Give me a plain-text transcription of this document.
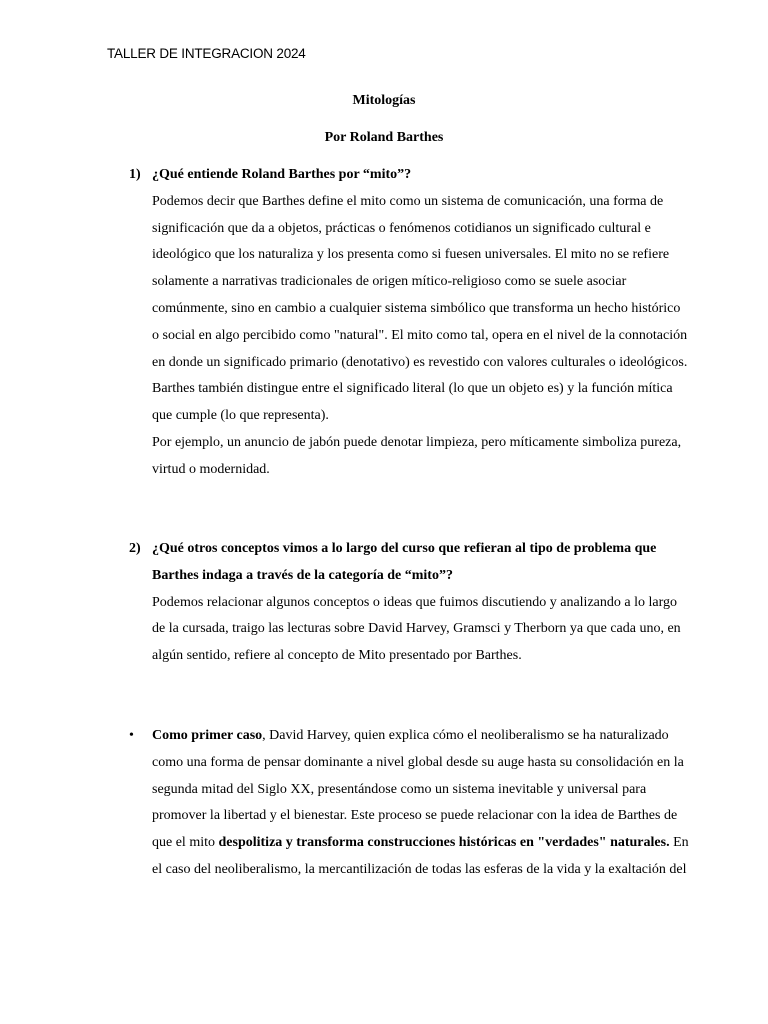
TALLER DE INTEGRACION 2024
Mitologías
Por Roland Barthes
1) ¿Qué entiende Roland Barthes por “mito”?

Podemos decir que Barthes define el mito como un sistema de comunicación, una forma de significación que da a objetos, prácticas o fenómenos cotidianos un significado cultural e ideológico que los naturaliza y los presenta como si fuesen universales. El mito no se refiere solamente a narrativas tradicionales de origen mítico-religioso como se suele asociar comúnmente, sino en cambio a cualquier sistema simbólico que transforma un hecho histórico o social en algo percibido como "natural". El mito como tal, opera en el nivel de la connotación en donde un significado primario (denotativo) es revestido con valores culturales o ideológicos. Barthes también distingue entre el significado literal (lo que un objeto es) y la función mítica que cumple (lo que representa).

Por ejemplo, un anuncio de jabón puede denotar limpieza, pero míticamente simboliza pureza, virtud o modernidad.

2) ¿Qué otros conceptos vimos a lo largo del curso que refieran al tipo de problema que Barthes indaga a través de la categoría de “mito”?

Podemos relacionar algunos conceptos o ideas que fuimos discutiendo y analizando a lo largo de la cursada, traigo las lecturas sobre David Harvey, Gramsci y Therborn ya que cada uno, en algún sentido, refiere al concepto de Mito presentado por Barthes.

• Como primer caso, David Harvey, quien explica cómo el neoliberalismo se ha naturalizado como una forma de pensar dominante a nivel global desde su auge hasta su consolidación en la segunda mitad del Siglo XX, presentándose como un sistema inevitable y universal para promover la libertad y el bienestar. Este proceso se puede relacionar con la idea de Barthes de que el mito despolitiza y transforma construcciones históricas en "verdades" naturales. En el caso del neoliberalismo, la mercantilización de todas las esferas de la vida y la exaltación del
